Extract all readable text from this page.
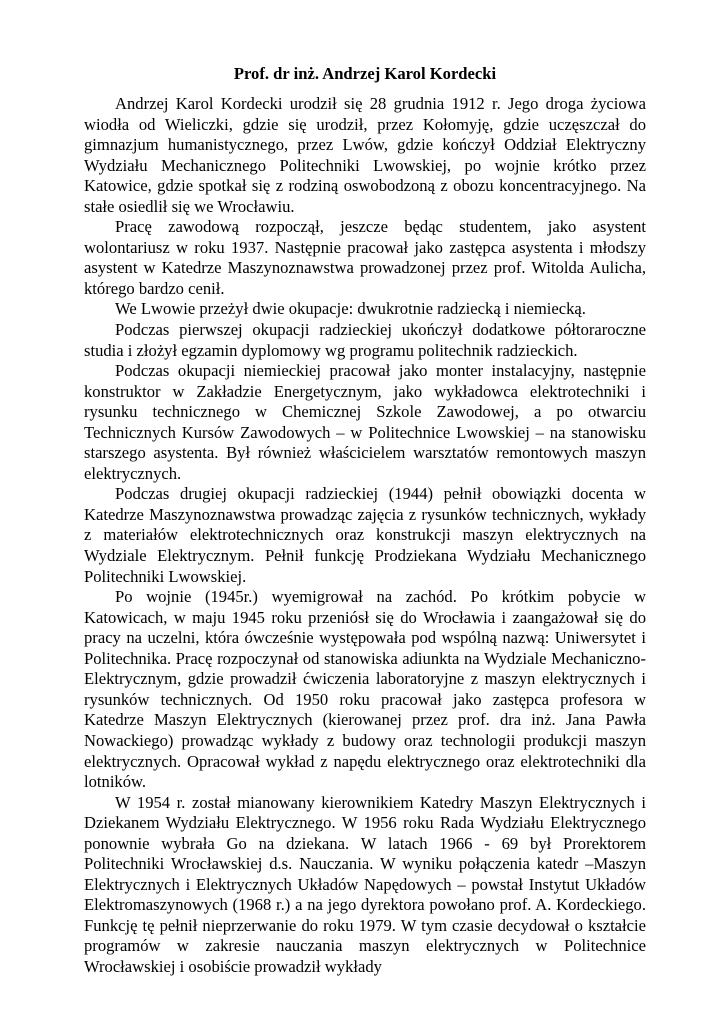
Prof. dr inż. Andrzej Karol Kordecki

Andrzej Karol Kordecki urodził się 28 grudnia 1912 r. Jego droga życiowa wiodła od Wieliczki, gdzie się urodził, przez Kołomyję, gdzie uczęszczał do gimnazjum humanistycznego, przez Lwów, gdzie kończył Oddział Elektryczny Wydziału Mechanicznego Politechniki Lwowskiej, po wojnie krótko przez Katowice, gdzie spotkał się z rodziną oswobodzoną z obozu koncentracyjnego. Na stałe osiedlił się we Wrocławiu.

Pracę zawodową rozpoczął, jeszcze będąc studentem, jako asystent wolontariusz w roku 1937. Następnie pracował jako zastępca asystenta i młodszy asystent w Katedrze Maszynoznawstwa prowadzonej przez prof. Witolda Aulicha, którego bardzo cenił.

We Lwowie przeżył dwie okupacje: dwukrotnie radziecką i niemiecką.

Podczas pierwszej okupacji radzieckiej ukończył dodatkowe półtoraroczne studia i złożył egzamin dyplomowy wg programu politechnik radzieckich.

Podczas okupacji niemieckiej pracował jako monter instalacyjny, następnie konstruktor w Zakładzie Energetycznym, jako wykładowca elektrotechniki i rysunku technicznego w Chemicznej Szkole Zawodowej, a po otwarciu Technicznych Kursów Zawodowych – w Politechnice Lwowskiej – na stanowisku starszego asystenta. Był również właścicielem warsztatów remontowych maszyn elektrycznych.

Podczas drugiej okupacji radzieckiej (1944) pełnił obowiązki docenta w Katedrze Maszynoznawstwa prowadząc zajęcia z rysunków technicznych, wykłady z materiałów elektrotechnicznych oraz konstrukcji maszyn elektrycznych na Wydziale Elektrycznym. Pełnił funkcję Prodziekana Wydziału Mechanicznego Politechniki Lwowskiej.

Po wojnie (1945r.) wyemigrował na zachód. Po krótkim pobycie w Katowicach, w maju 1945 roku przeniósł się do Wrocławia i zaangażował się do pracy na uczelni, która ówcześnie występowała pod wspólną nazwą: Uniwersytet i Politechnika. Pracę rozpoczynał od stanowiska adiunkta na Wydziale Mechaniczno-Elektrycznym, gdzie prowadził ćwiczenia laboratoryjne z maszyn elektrycznych i rysunków technicznych. Od 1950 roku pracował jako zastępca profesora w Katedrze Maszyn Elektrycznych (kierowanej przez prof. dra inż. Jana Pawła Nowackiego) prowadząc wykłady z budowy oraz technologii produkcji maszyn elektrycznych. Opracował wykład z napędu elektrycznego oraz elektrotechniki dla lotników.

W 1954 r. został mianowany kierownikiem Katedry Maszyn Elektrycznych i Dziekanem Wydziału Elektrycznego. W 1956 roku Rada Wydziału Elektrycznego ponownie wybrała Go na dziekana. W latach 1966 - 69 był Prorektorem Politechniki Wrocławskiej d.s. Nauczania. W wyniku połączenia katedr –Maszyn Elektrycznych i Elektrycznych Układów Napędowych – powstał Instytut Układów Elektromaszynowych (1968 r.) a na jego dyrektora powołano prof. A. Kordeckiego. Funkcję tę pełnił nieprzerwanie do roku 1979. W tym czasie decydował o kształcie programów w zakresie nauczania maszyn elektrycznych w Politechnice Wrocławskiej i osobiście prowadził wykłady
